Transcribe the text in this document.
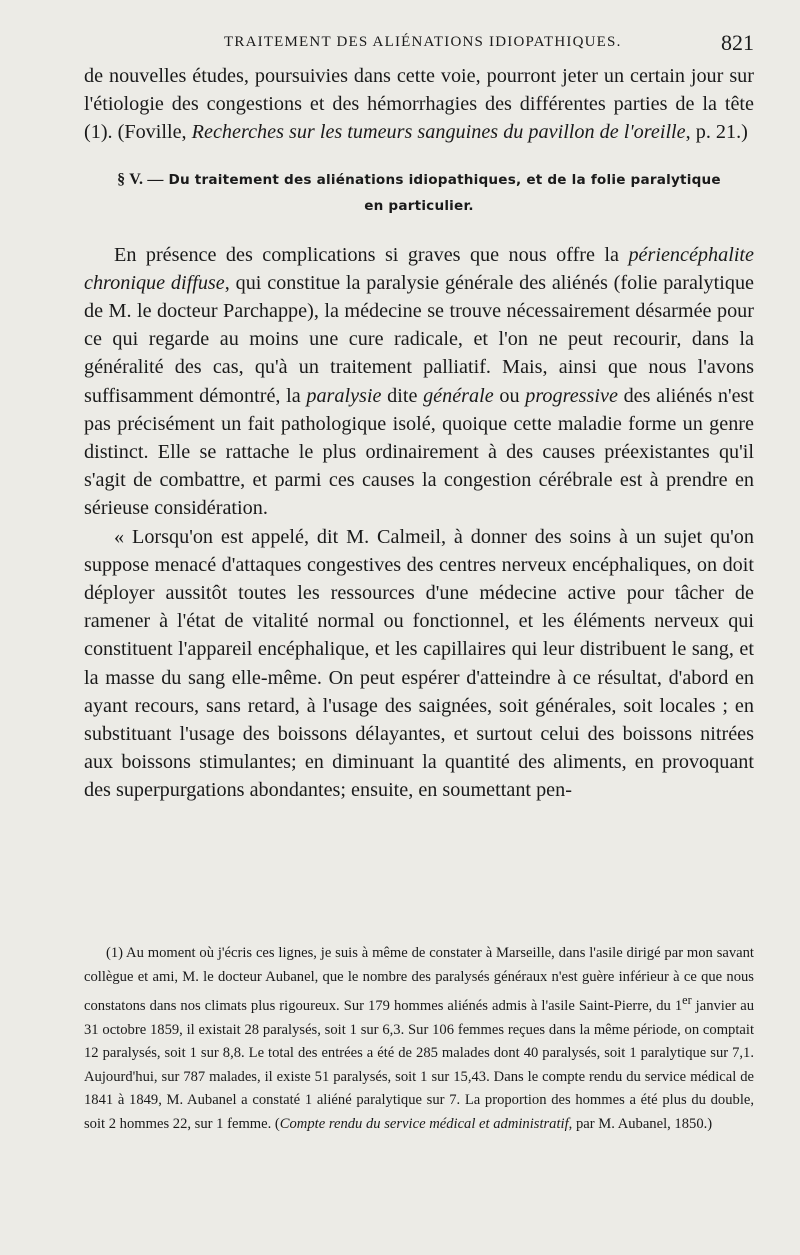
TRAITEMENT DES ALIÉNATIONS IDIOPATHIQUES.	821

de nouvelles études, poursuivies dans cette voie, pourront jeter un certain jour sur l'étiologie des congestions et des hémorrhagies des différentes parties de la tête (1). (Foville, Recherches sur les tumeurs sanguines du pavillon de l'oreille, p. 21.)

§ V. — Du traitement des aliénations idiopathiques, et de la folie paralytique
en particulier.

En présence des complications si graves que nous offre la périencéphalite chronique diffuse, qui constitue la paralysie générale des aliénés (folie paralytique de M. le docteur Parchappe), la médecine se trouve nécessairement désarmée pour ce qui regarde au moins une cure radicale, et l'on ne peut recourir, dans la généralité des cas, qu'à un traitement palliatif. Mais, ainsi que nous l'avons suffisamment démontré, la paralysie dite générale ou progressive des aliénés n'est pas précisément un fait pathologique isolé, quoique cette maladie forme un genre distinct. Elle se rattache le plus ordinairement à des causes préexistantes qu'il s'agit de combattre, et parmi ces causes la congestion cérébrale est à prendre en sérieuse considération.

« Lorsqu'on est appelé, dit M. Calmeil, à donner des soins à un sujet qu'on suppose menacé d'attaques congestives des centres nerveux encéphaliques, on doit déployer aussitôt toutes les ressources d'une médecine active pour tâcher de ramener à l'état de vitalité normal ou fonctionnel, et les éléments nerveux qui constituent l'appareil encéphalique, et les capillaires qui leur distribuent le sang, et la masse du sang elle-même. On peut espérer d'atteindre à ce résultat, d'abord en ayant recours, sans retard, à l'usage des saignées, soit générales, soit locales ; en substituant l'usage des boissons délayantes, et surtout celui des boissons nitrées aux boissons stimulantes; en diminuant la quantité des aliments, en provoquant des superpurgations abondantes; ensuite, en soumettant pen-

(1) Au moment où j'écris ces lignes, je suis à même de constater à Marseille, dans l'asile dirigé par mon savant collègue et ami, M. le docteur Aubanel, que le nombre des paralysés généraux n'est guère inférieur à ce que nous constatons dans nos climats plus rigoureux. Sur 179 hommes aliénés admis à l'asile Saint-Pierre, du 1er janvier au 31 octobre 1859, il existait 28 paralysés, soit 1 sur 6,3. Sur 106 femmes reçues dans la même période, on comptait 12 paralysés, soit 1 sur 8,8. Le total des entrées a été de 285 malades dont 40 paralysés, soit 1 paralytique sur 7,1. Aujourd'hui, sur 787 malades, il existe 51 paralysés, soit 1 sur 15,43. Dans le compte rendu du service médical de 1841 à 1849, M. Aubanel a constaté 1 aliéné paralytique sur 7. La proportion des hommes a été plus du double, soit 2 hommes 22, sur 1 femme. (Compte rendu du service médical et administratif, par M. Aubanel, 1850.)
